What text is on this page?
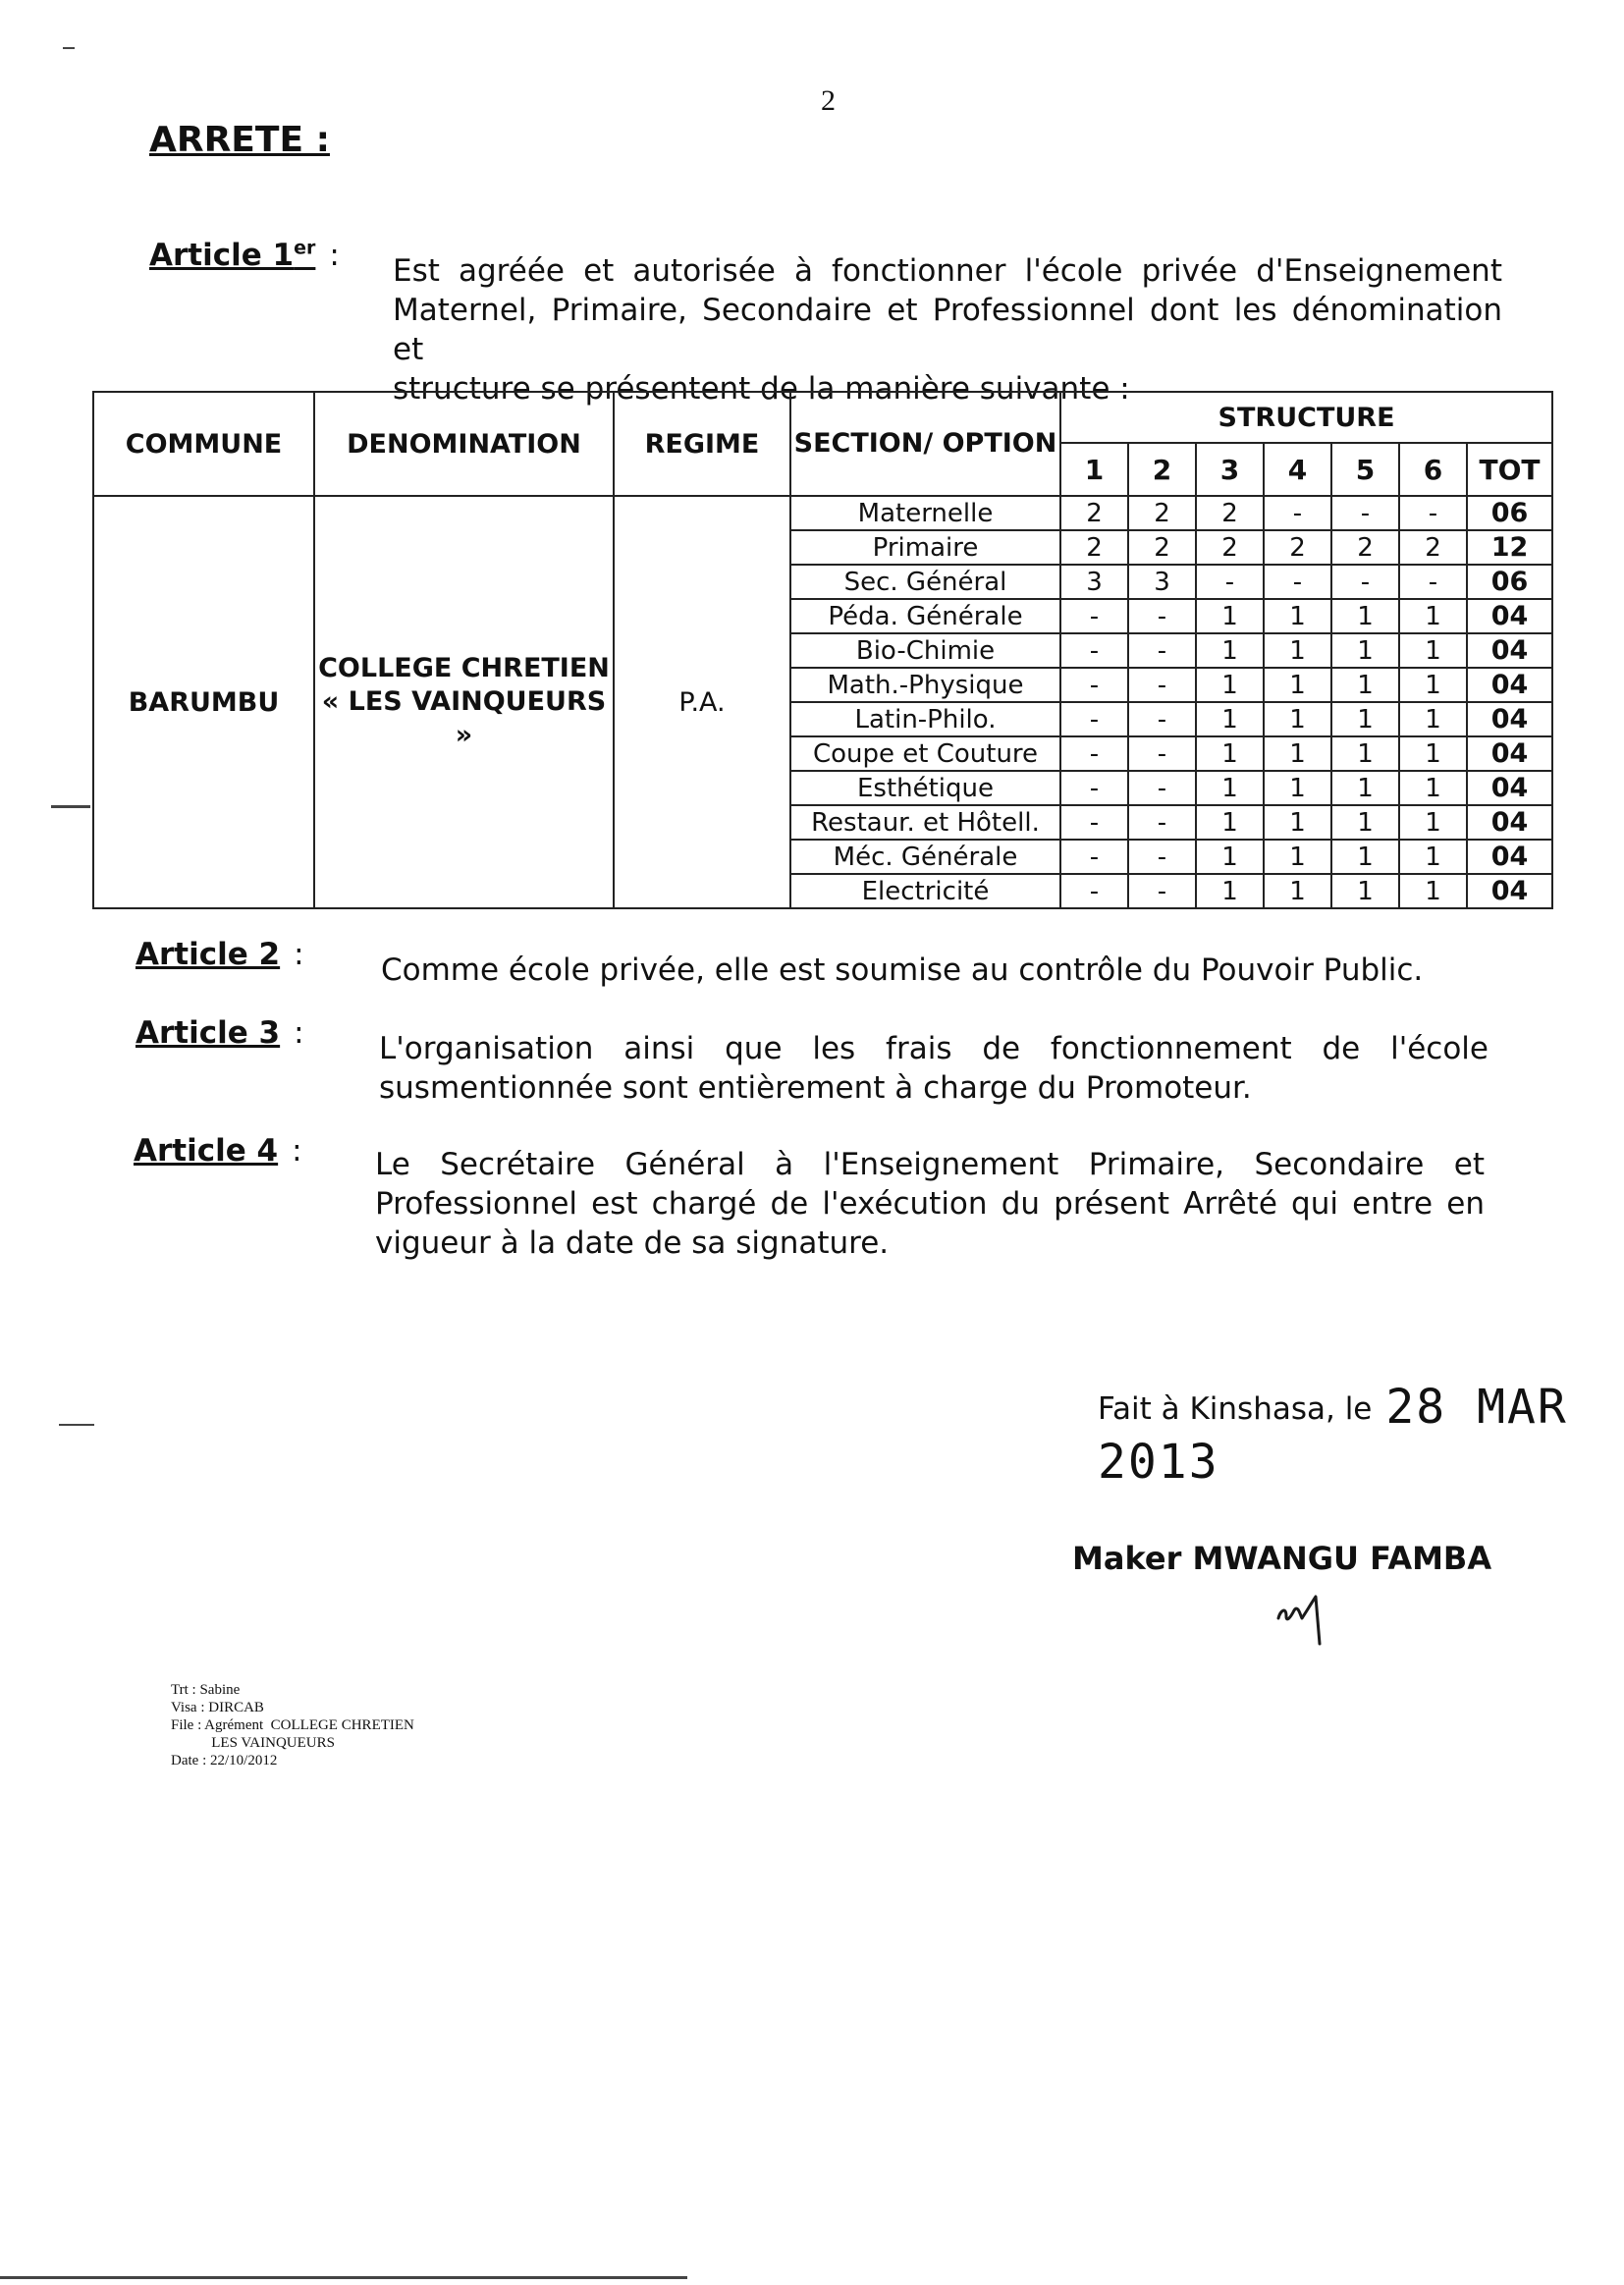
2
ARRETE :
Article 1er : Est agréée et autorisée à fonctionner l'école privée d'Enseignement
Maternel, Primaire, Secondaire et Professionnel dont les dénomination et
structure se présentent de la manière suivante :
COMMUNE	DENOMINATION	REGIME	SECTION/ OPTION	STRUCTURE						
				1	2	3	4	5	6	TOT
BARUMBU	COLLEGE CHRETIEN « LES VAINQUEURS »	P.A.	Maternelle	2	2	2	-	-	-	06
			Primaire	2	2	2	2	2	2	12
			Sec. Général	3	3	-	-	-	-	06
			Péda. Générale	-	-	1	1	1	1	04
			Bio-Chimie	-	-	1	1	1	1	04
			Math.-Physique	-	-	1	1	1	1	04
			Latin-Philo.	-	-	1	1	1	1	04
			Coupe et Couture	-	-	1	1	1	1	04
			Esthétique	-	-	1	1	1	1	04
			Restaur. et Hôtell.	-	-	1	1	1	1	04
			Méc. Générale	-	-	1	1	1	1	04
			Electricité	-	-	1	1	1	1	04
Article 2 :	Comme école privée, elle est soumise au contrôle du Pouvoir Public.
Article 3 : L'organisation ainsi que les frais de fonctionnement de l'école
susmentionnée sont entièrement à charge du Promoteur.
Article 4 : Le Secrétaire Général à l'Enseignement Primaire, Secondaire et
Professionnel est chargé de l'exécution du présent Arrêté qui entre en
vigueur à la date de sa signature.
Fait à Kinshasa, le 28 MAR 2013
Maker MWANGU FAMBA
Trt : Sabine
Visa : DIRCAB
File : Agrément  COLLEGE CHRETIEN
LES VAINQUEURS
Date : 22/10/2012
